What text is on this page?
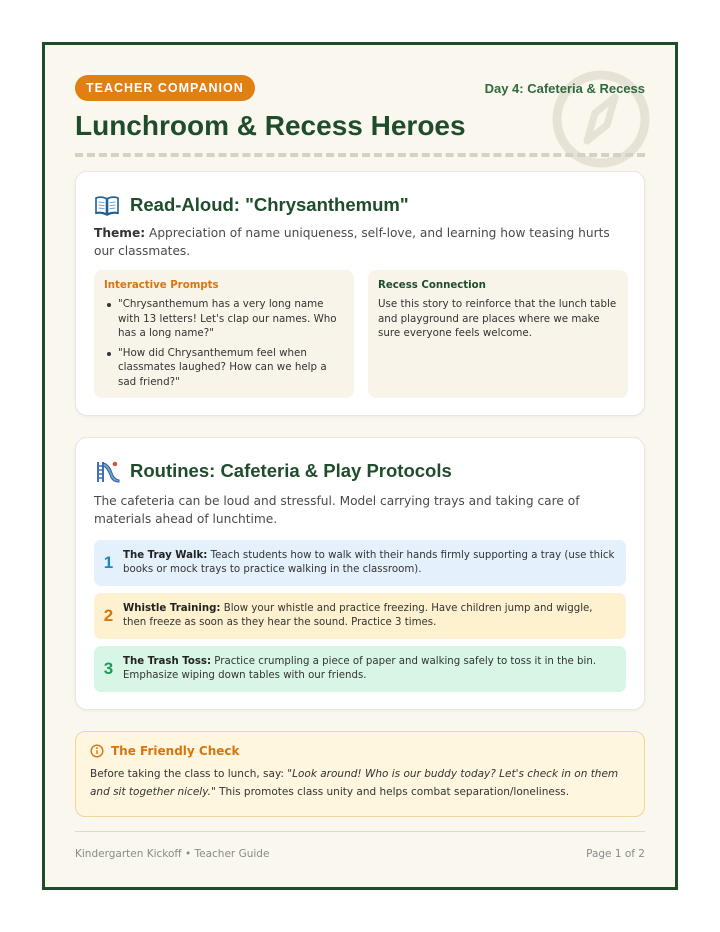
TEACHER COMPANION	Day 4: Cafeteria & Recess
Lunchroom & Recess Heroes
Read-Aloud: "Chrysanthemum"
Theme: Appreciation of name uniqueness, self-love, and learning how teasing hurts our classmates.
Interactive Prompts
"Chrysanthemum has a very long name with 13 letters! Let's clap our names. Who has a long name?"
"How did Chrysanthemum feel when classmates laughed? How can we help a sad friend?"
Recess Connection

Use this story to reinforce that the lunch table and playground are places where we make sure everyone feels welcome.

Routines: Cafeteria & Play Protocols
The cafeteria can be loud and stressful. Model carrying trays and taking care of materials ahead of lunchtime.
1 The Tray Walk: Teach students how to walk with their hands firmly supporting a tray (use thick books or mock trays to practice walking in the classroom).
2 Whistle Training: Blow your whistle and practice freezing. Have children jump and wiggle, then freeze as soon as they hear the sound. Practice 3 times.
3 The Trash Toss: Practice crumpling a piece of paper and walking safely to toss it in the bin. Emphasize wiping down tables with our friends.
The Friendly Check

Before taking the class to lunch, say: "Look around! Who is our buddy today? Let's check in on them and sit together nicely." This promotes class unity and helps combat separation/loneliness.

Kindergarten Kickoff • Teacher Guide	Page 1 of 2
